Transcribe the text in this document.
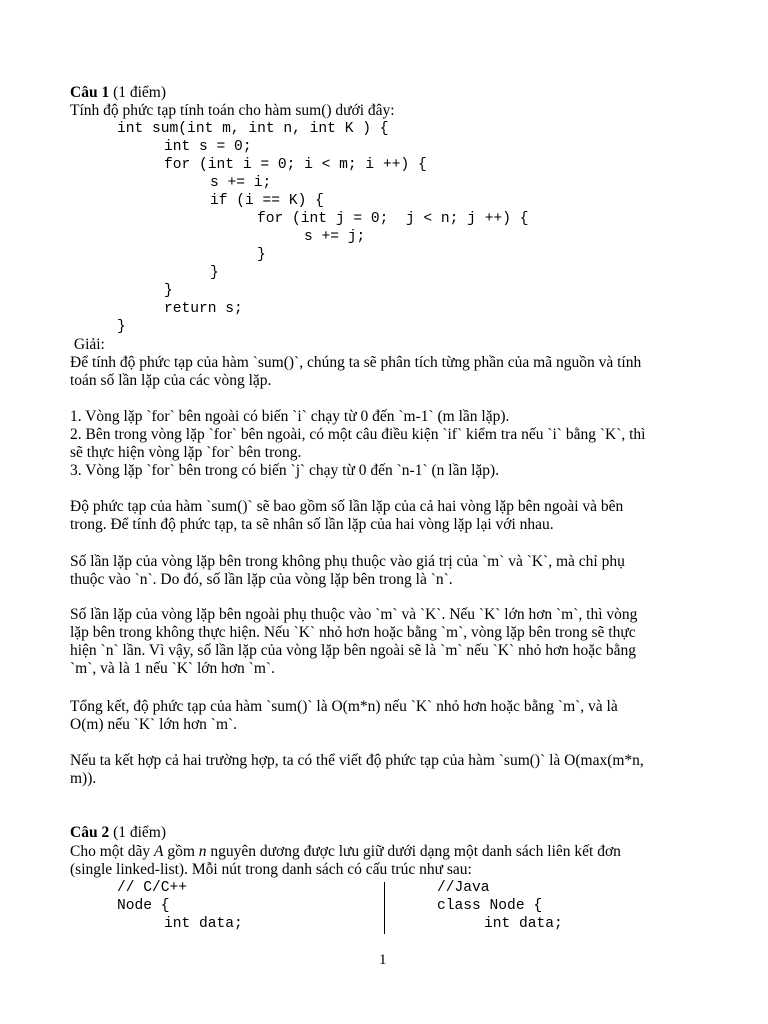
Câu 1 (1 điểm)
Tính độ phức tạp tính toán cho hàm sum() dưới đây:
int sum(int m, int n, int K ) {
int s = 0;
for (int i = 0; i < m; i ++) {
s += i;
if (i == K) {
for (int j = 0;  j < n; j ++) {
s += j;
}
}
}
return s;
}
Giải:
Để tính độ phức tạp của hàm `sum()`, chúng ta sẽ phân tích từng phần của mã nguồn và tính
toán số lần lặp của các vòng lặp.
1. Vòng lặp `for` bên ngoài có biến `i` chạy từ 0 đến `m-1` (m lần lặp).
2. Bên trong vòng lặp `for` bên ngoài, có một câu điều kiện `if` kiểm tra nếu `i` bằng `K`, thì
sẽ thực hiện vòng lặp `for` bên trong.
3. Vòng lặp `for` bên trong có biến `j` chạy từ 0 đến `n-1` (n lần lặp).
Độ phức tạp của hàm `sum()` sẽ bao gồm số lần lặp của cả hai vòng lặp bên ngoài và bên
trong. Để tính độ phức tạp, ta sẽ nhân số lần lặp của hai vòng lặp lại với nhau.
Số lần lặp của vòng lặp bên trong không phụ thuộc vào giá trị của `m` và `K`, mà chỉ phụ
thuộc vào `n`. Do đó, số lần lặp của vòng lặp bên trong là `n`.
Số lần lặp của vòng lặp bên ngoài phụ thuộc vào `m` và `K`. Nếu `K` lớn hơn `m`, thì vòng
lặp bên trong không thực hiện. Nếu `K` nhỏ hơn hoặc bằng `m`, vòng lặp bên trong sẽ thực
hiện `n` lần. Vì vậy, số lần lặp của vòng lặp bên ngoài sẽ là `m` nếu `K` nhỏ hơn hoặc bằng
`m`, và là 1 nếu `K` lớn hơn `m`.
Tổng kết, độ phức tạp của hàm `sum()` là O(m*n) nếu `K` nhỏ hơn hoặc bằng `m`, và là
O(m) nếu `K` lớn hơn `m`.
Nếu ta kết hợp cả hai trường hợp, ta có thể viết độ phức tạp của hàm `sum()` là O(max(m*n,
m)).
Câu 2 (1 điểm)
Cho một dãy A gồm n nguyên dương được lưu giữ dưới dạng một danh sách liên kết đơn
(single linked-list). Mỗi nút trong danh sách có cấu trúc như sau:
// C/C++
Node {
int data;
//Java
class Node {
int data;
1
